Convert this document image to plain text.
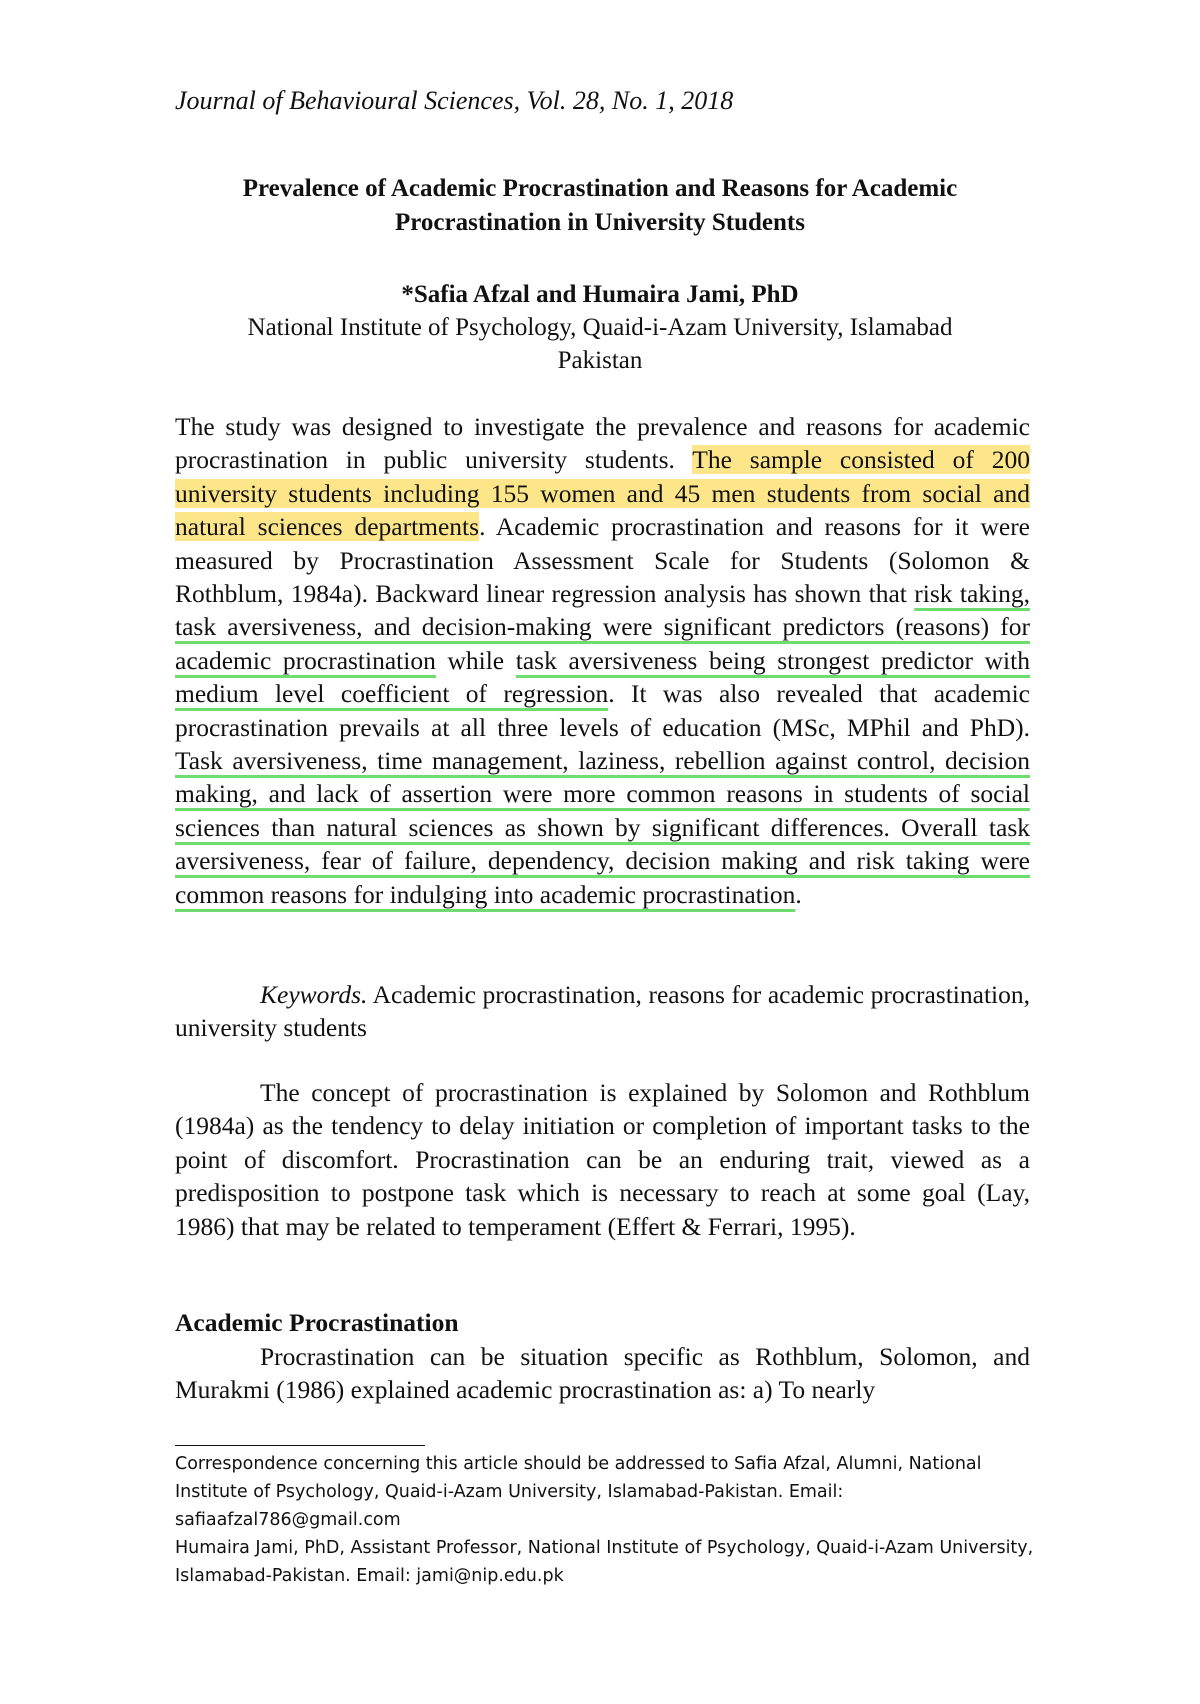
Journal of Behavioural Sciences, Vol. 28, No. 1, 2018
Prevalence of Academic Procrastination and Reasons for Academic
Procrastination in University Students
*Safia Afzal and Humaira Jami, PhD
National Institute of Psychology, Quaid-i-Azam University, Islamabad
Pakistan

The study was designed to investigate the prevalence and reasons for academic procrastination in public university students. The sample consisted of 200 university students including 155 women and 45 men students from social and natural sciences departments. Academic procrastination and reasons for it were measured by Procrastination Assessment Scale for Students (Solomon & Rothblum, 1984a). Backward linear regression analysis has shown that risk taking, task aversiveness, and decision-making were significant predictors (reasons) for academic procrastination while task aversiveness being strongest predictor with medium level coefficient of regression. It was also revealed that academic procrastination prevails at all three levels of education (MSc, MPhil and PhD). Task aversiveness, time management, laziness, rebellion against control, decision making, and lack of assertion were more common reasons in students of social sciences than natural sciences as shown by significant differences. Overall task aversiveness, fear of failure, dependency, decision making and risk taking were common reasons for indulging into academic procrastination.

Keywords. Academic procrastination, reasons for academic procrastination, university students

The concept of procrastination is explained by Solomon and Rothblum (1984a) as the tendency to delay initiation or completion of important tasks to the point of discomfort. Procrastination can be an enduring trait, viewed as a predisposition to postpone task which is necessary to reach at some goal (Lay, 1986) that may be related to temperament (Effert & Ferrari, 1995).

Academic Procrastination

Procrastination can be situation specific as Rothblum, Solomon, and Murakmi (1986) explained academic procrastination as: a) To nearly

Correspondence concerning this article should be addressed to Safia Afzal, Alumni, National Institute of Psychology, Quaid-i-Azam University, Islamabad-Pakistan. Email: safiaafzal786@gmail.com

Humaira Jami, PhD, Assistant Professor, National Institute of Psychology, Quaid-i-Azam University, Islamabad-Pakistan. Email: jami@nip.edu.pk
